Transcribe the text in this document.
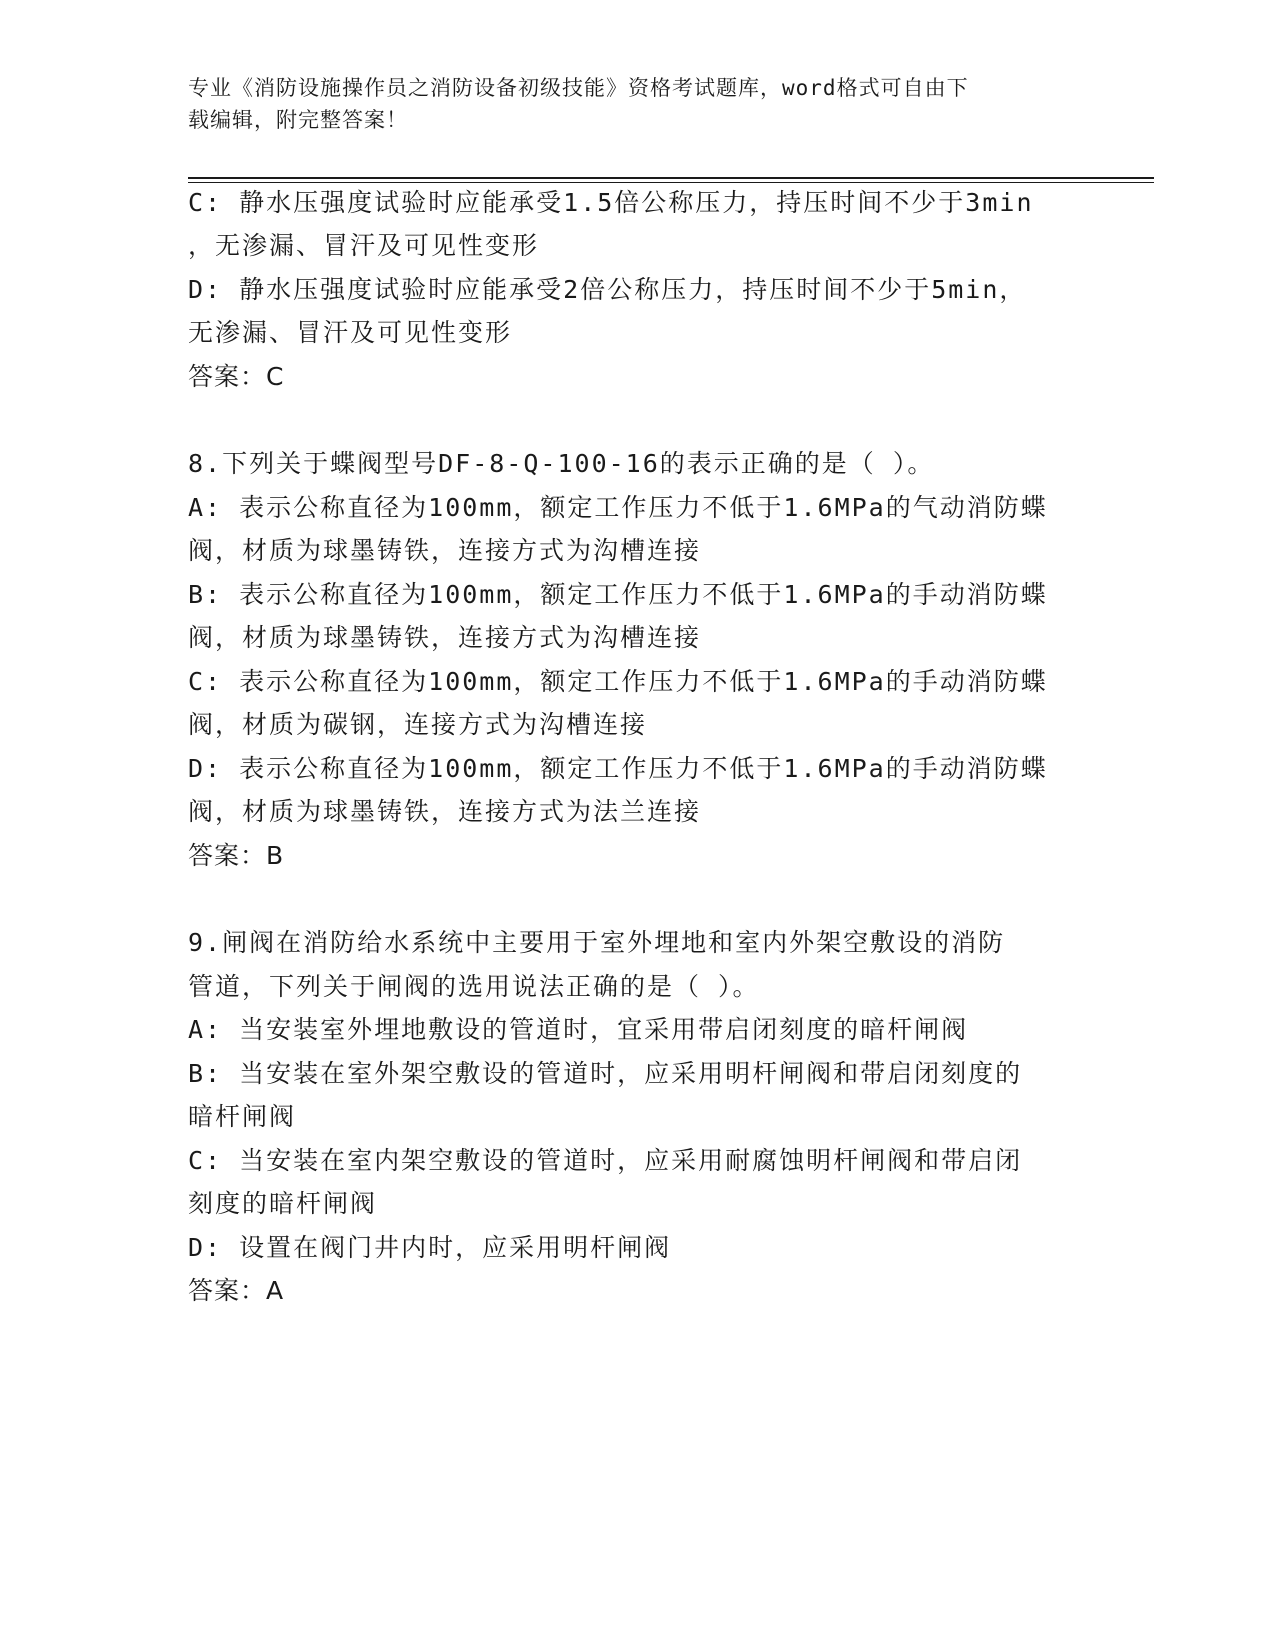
专业《消防设施操作员之消防设备初级技能》资格考试题库，word格式可自由下
载编辑，附完整答案！
C: 静水压强度试验时应能承受1.5倍公称压力，持压时间不少于3min
，无渗漏、冒汗及可见性变形
D: 静水压强度试验时应能承受2倍公称压力，持压时间不少于5min，
无渗漏、冒汗及可见性变形
答案：C
8.下列关于蝶阀型号DF-8-Q-100-16的表示正确的是（ ）。
A: 表示公称直径为100mm，额定工作压力不低于1.6MPa的气动消防蝶
阀，材质为球墨铸铁，连接方式为沟槽连接
B: 表示公称直径为100mm，额定工作压力不低于1.6MPa的手动消防蝶
阀，材质为球墨铸铁，连接方式为沟槽连接
C: 表示公称直径为100mm，额定工作压力不低于1.6MPa的手动消防蝶
阀，材质为碳钢，连接方式为沟槽连接
D: 表示公称直径为100mm，额定工作压力不低于1.6MPa的手动消防蝶
阀，材质为球墨铸铁，连接方式为法兰连接
答案：B
9.闸阀在消防给水系统中主要用于室外埋地和室内外架空敷设的消防
管道，下列关于闸阀的选用说法正确的是（ ）。
A: 当安装室外埋地敷设的管道时，宜采用带启闭刻度的暗杆闸阀
B: 当安装在室外架空敷设的管道时，应采用明杆闸阀和带启闭刻度的
暗杆闸阀
C: 当安装在室内架空敷设的管道时，应采用耐腐蚀明杆闸阀和带启闭
刻度的暗杆闸阀
D: 设置在阀门井内时，应采用明杆闸阀
答案：A
